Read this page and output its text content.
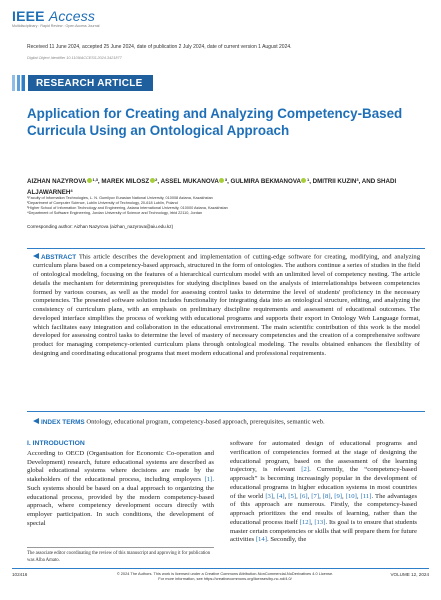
IEEE Access
Multidisciplinary : Rapid Review : Open Access Journal
Received 11 June 2024, accepted 25 June 2024, date of publication 2 July 2024, date of current version 1 August 2024.
Digital Object Identifier 10.1109/ACCESS.2024.3421877
RESEARCH ARTICLE
Application for Creating and Analyzing Competency-Based Curricula Using an Ontological Approach
AIZHAN NAZYROVA $^{1,3}$, MAREK MILOSZ $^2$, ASSEL MUKANOVA $^3$, GULMIRA BEKMANOVA $^1$, DMITRII KUZIN$^3$, AND SHADI ALJAWARNEH$^4$
¹Faculty of Information Technologies, L. N. Gumilyov Eurasian National University, 010008 Astana, Kazakhstan
²Department of Computer Science, Lublin University of Technology, 20-618 Lublin, Poland
³Higher School of Information Technology and Engineering, Astana International University, 010000 Astana, Kazakhstan
⁴Department of Software Engineering, Jordan University of Science and Technology, Irbid 22110, Jordan
Corresponding author: Aizhan Nazyrova (aizhan_nazyrova@aiu.edu.kz)
ABSTRACT This article describes the development and implementation of cutting-edge software for creating, modifying, and analyzing curriculum plans based on a competency-based approach, structured in the form of ontologies. The authors continue a series of studies in the field of ontological modeling, focusing on the features of a hierarchical curriculum model with an unlimited level of competency nesting. The article details the mechanism for determining prerequisites for studying disciplines based on the analysis of interrelationships between competencies formed by various courses, as well as the model for assessing control tasks to determine the level of students' proficiency in the necessary competencies. The presented software solution includes functionality for integrating data into an ontological structure, editing, and analyzing the consistency of curriculum plans, with an emphasis on preliminary discipline requirements and assessment of educational outcomes. The developed interface simplifies the process of working with educational programs and supports their export in Ontology Web Language format, which facilitates easy integration and collaboration in the educational environment. The main scientific contribution of this work is the model developed for assessing control tasks to determine the level of mastery of necessary competencies and the creation of a comprehensive software product for managing competency-oriented curriculum plans through ontological modeling. The results obtained enhances the flexibility of designing and coordinating educational programs that meet modern educational and professional requirements.
INDEX TERMS Ontology, educational program, competency-based approach, prerequisites, semantic web.
I. INTRODUCTION

According to OECD (Organisation for Economic Co-operation and Development) research, future educational systems are described as global educational systems where decisions are made by the stakeholders of the educational process, including employers [1]. Such systems should be based on a dual approach to organizing the educational process, provided by the modern competency-based approach, where competency development occurs directly with employer participation. In such conditions, the development of special

software for automated design of educational programs and verification of competencies formed at the stage of designing the educational program, based on the assessment of the learning trajectory, is relevant [2]. Currently, the “competency-based approach” is becoming increasingly popular in the development of educational programs in higher education systems in most countries of the world [3], [4], [5], [6], [7], [8], [9], [10], [11]. The advantages of this approach are numerous. Firstly, the competency-based approach prioritizes the end results of learning, rather than the educational process itself [12], [13]. Its goal is to ensure that students master certain competencies or skills that will prepare them for future activities [14]. Secondly, the

The associate editor coordinating the review of this manuscript and approving it for publication was Alba Amato.
102416	© 2024 The Authors. This work is licensed under a Creative Commons Attribution-NonCommercial-NoDerivatives 4.0 License.
For more information, see https://creativecommons.org/licenses/by-nc-nd/4.0/
VOLUME 12, 2024
